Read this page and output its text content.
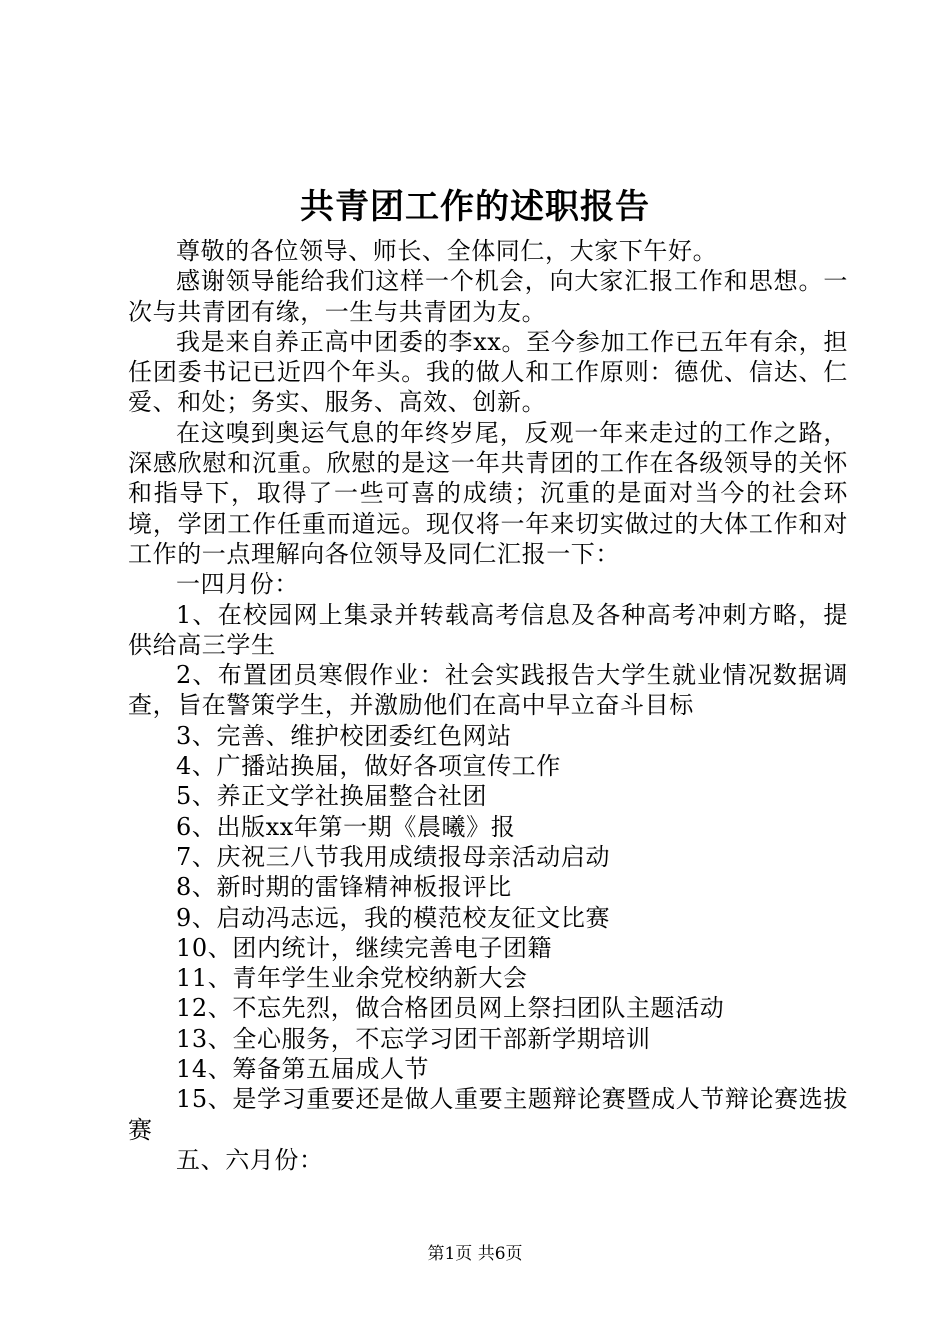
共青团工作的述职报告

尊敬的各位领导、师长、全体同仁，大家下午好。

感谢领导能给我们这样一个机会，向大家汇报工作和思想。一次与共青团有缘，一生与共青团为友。

我是来自养正高中团委的李xx。至今参加工作已五年有余，担任团委书记已近四个年头。我的做人和工作原则：德优、信达、仁爱、和处；务实、服务、高效、创新。

在这嗅到奥运气息的年终岁尾，反观一年来走过的工作之路，深感欣慰和沉重。欣慰的是这一年共青团的工作在各级领导的关怀和指导下，取得了一些可喜的成绩；沉重的是面对当今的社会环境，学团工作任重而道远。现仅将一年来切实做过的大体工作和对工作的一点理解向各位领导及同仁汇报一下：

一四月份：

1、在校园网上集录并转载高考信息及各种高考冲刺方略，提供给高三学生

2、布置团员寒假作业：社会实践报告大学生就业情况数据调查，旨在警策学生，并激励他们在高中早立奋斗目标

3、完善、维护校团委红色网站

4、广播站换届，做好各项宣传工作

5、养正文学社换届整合社团

6、出版xx年第一期《晨曦》报

7、庆祝三八节我用成绩报母亲活动启动

8、新时期的雷锋精神板报评比

9、启动冯志远，我的模范校友征文比赛

10、团内统计，继续完善电子团籍

11、青年学生业余党校纳新大会

12、不忘先烈，做合格团员网上祭扫团队主题活动

13、全心服务，不忘学习团干部新学期培训

14、筹备第五届成人节

15、是学习重要还是做人重要主题辩论赛暨成人节辩论赛选拔赛

五、六月份：

第1页 共6页
